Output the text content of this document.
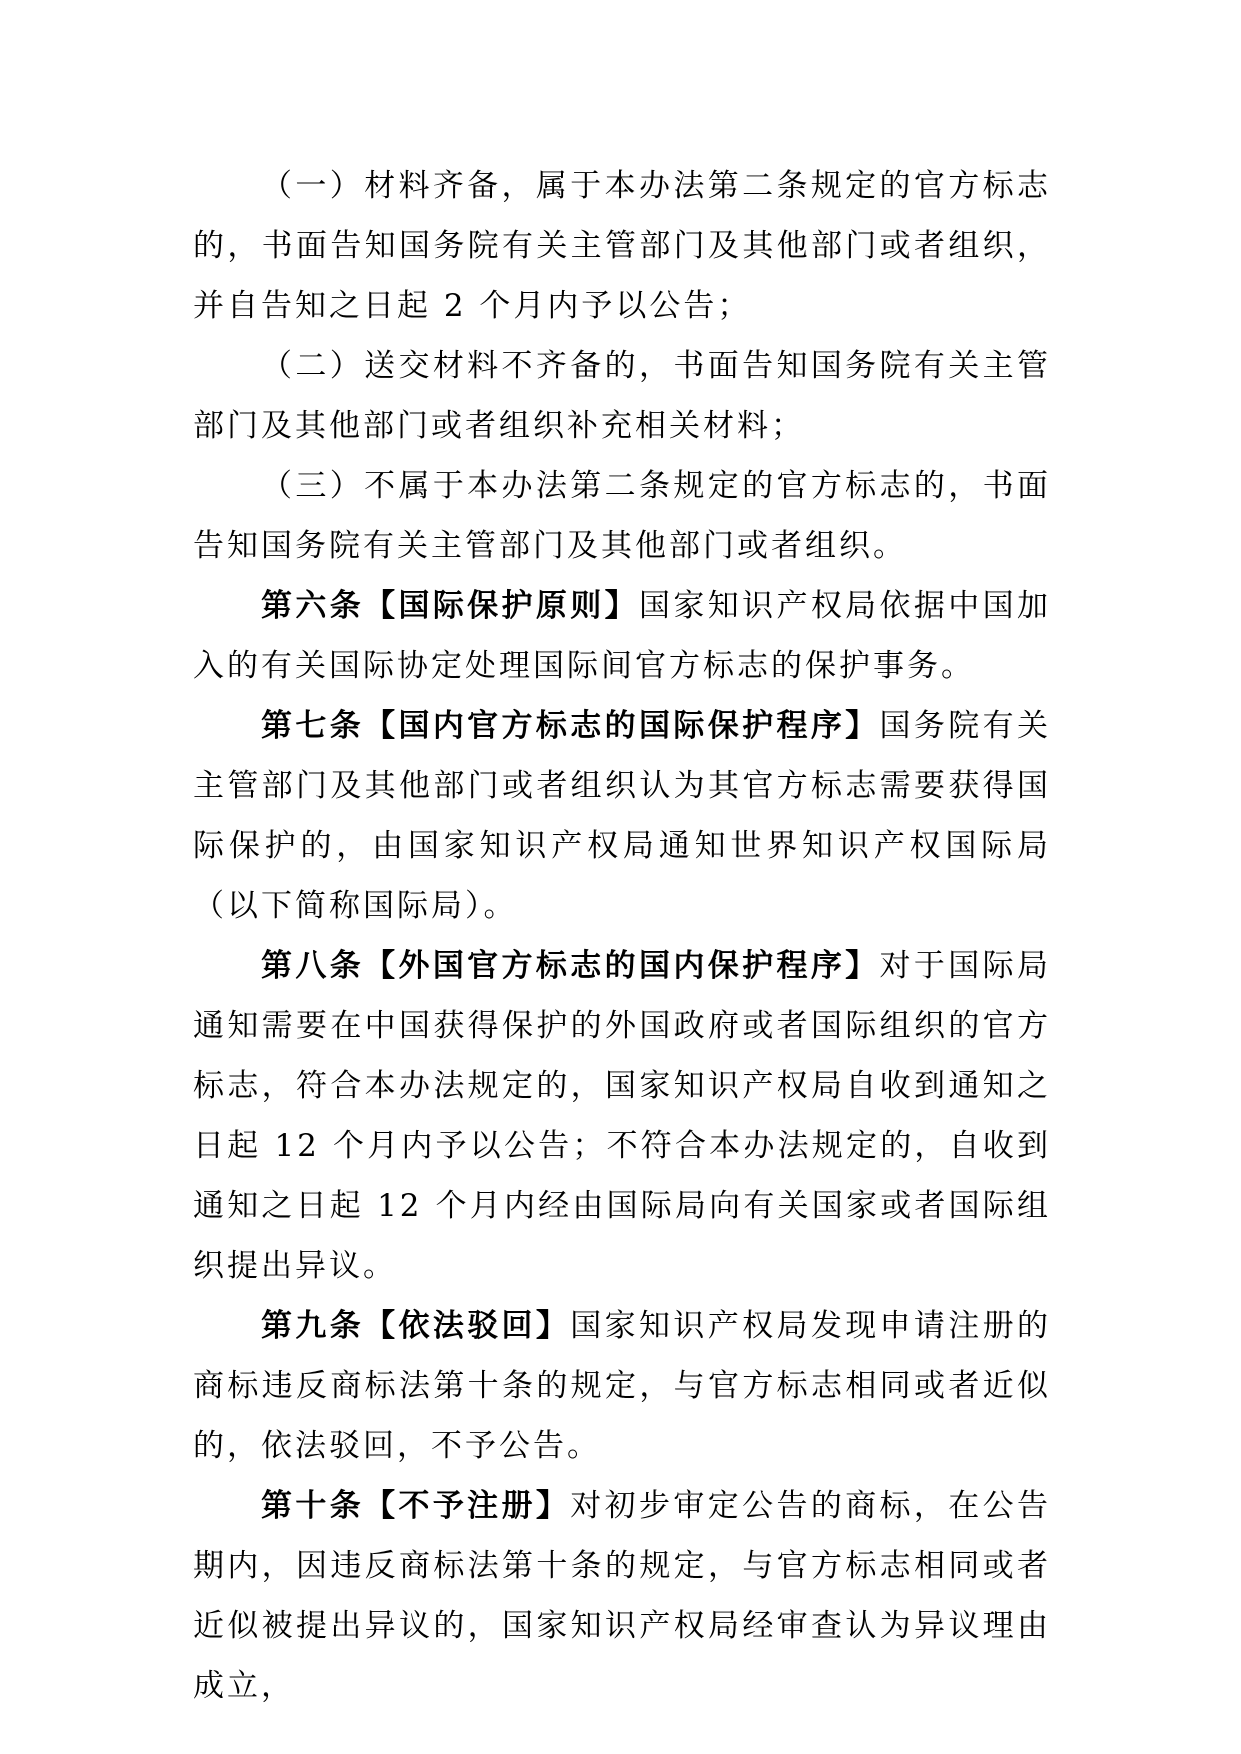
（一）材料齐备，属于本办法第二条规定的官方标志的，书面告知国务院有关主管部门及其他部门或者组织，并自告知之日起 2 个月内予以公告；

（二）送交材料不齐备的，书面告知国务院有关主管部门及其他部门或者组织补充相关材料；

（三）不属于本办法第二条规定的官方标志的，书面告知国务院有关主管部门及其他部门或者组织。

第六条【国际保护原则】国家知识产权局依据中国加入的有关国际协定处理国际间官方标志的保护事务。

第七条【国内官方标志的国际保护程序】国务院有关主管部门及其他部门或者组织认为其官方标志需要获得国际保护的，由国家知识产权局通知世界知识产权国际局（以下简称国际局）。

第八条【外国官方标志的国内保护程序】对于国际局通知需要在中国获得保护的外国政府或者国际组织的官方标志，符合本办法规定的，国家知识产权局自收到通知之日起 12 个月内予以公告；不符合本办法规定的，自收到通知之日起 12 个月内经由国际局向有关国家或者国际组织提出异议。

第九条【依法驳回】国家知识产权局发现申请注册的商标违反商标法第十条的规定，与官方标志相同或者近似的，依法驳回，不予公告。

第十条【不予注册】对初步审定公告的商标，在公告期内，因违反商标法第十条的规定，与官方标志相同或者近似被提出异议的，国家知识产权局经审查认为异议理由成立，
